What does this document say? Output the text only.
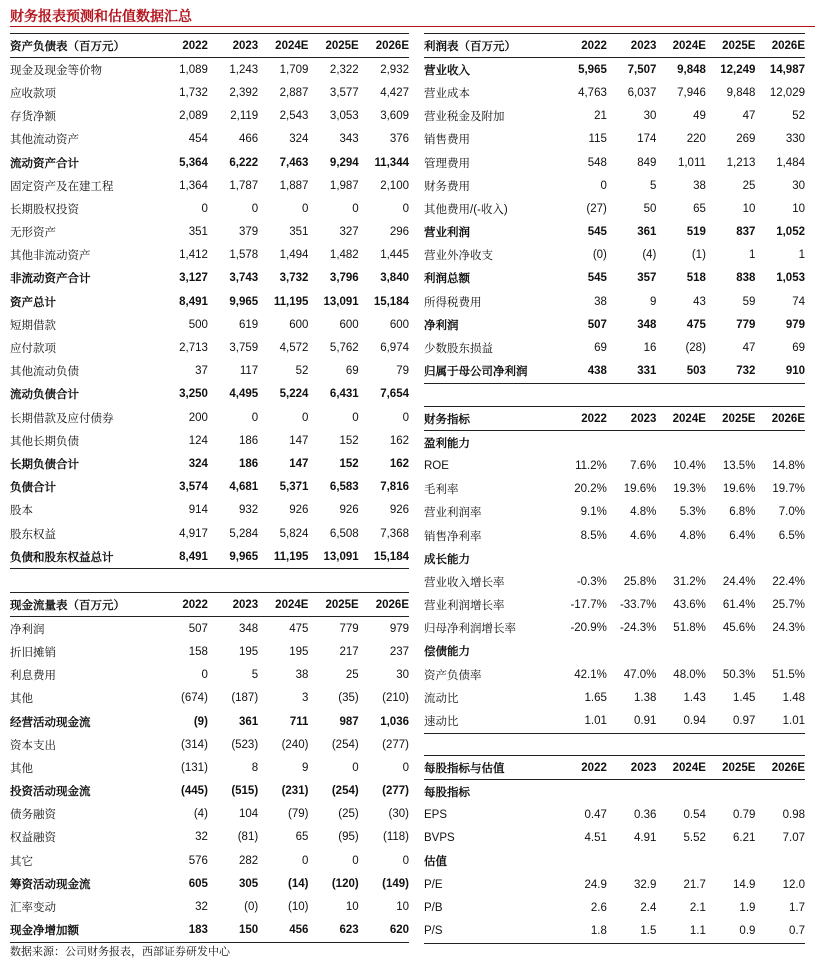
财务报表预测和估值数据汇总
资产负债表（百万元）	2022	2023	2024E	2025E	2026E
现金及现金等价物	1,089	1,243	1,709	2,322	2,932
应收款项	1,732	2,392	2,887	3,577	4,427
存货净额	2,089	2,119	2,543	3,053	3,609
其他流动资产	454	466	324	343	376
流动资产合计	5,364	6,222	7,463	9,294	11,344
固定资产及在建工程	1,364	1,787	1,887	1,987	2,100
长期股权投资	0	0	0	0	0
无形资产	351	379	351	327	296
其他非流动资产	1,412	1,578	1,494	1,482	1,445
非流动资产合计	3,127	3,743	3,732	3,796	3,840
资产总计	8,491	9,965	11,195	13,091	15,184
短期借款	500	619	600	600	600
应付款项	2,713	3,759	4,572	5,762	6,974
其他流动负债	37	117	52	69	79
流动负债合计	3,250	4,495	5,224	6,431	7,654
长期借款及应付债券	200	0	0	0	0
其他长期负债	124	186	147	152	162
长期负债合计	324	186	147	152	162
负债合计	3,574	4,681	5,371	6,583	7,816
股本	914	932	926	926	926
股东权益	4,917	5,284	5,824	6,508	7,368
负债和股东权益总计	8,491	9,965	11,195	13,091	15,184
现金流量表（百万元）	2022	2023	2024E	2025E	2026E
净利润	507	348	475	779	979
折旧摊销	158	195	195	217	237
利息费用	0	5	38	25	30
其他	(674)	(187)	3	(35)	(210)
经营活动现金流	(9)	361	711	987	1,036
资本支出	(314)	(523)	(240)	(254)	(277)
其他	(131)	8	9	0	0
投资活动现金流	(445)	(515)	(231)	(254)	(277)
债务融资	(4)	104	(79)	(25)	(30)
权益融资	32	(81)	65	(95)	(118)
其它	576	282	0	0	0
筹资活动现金流	605	305	(14)	(120)	(149)
汇率变动	32	(0)	(10)	10	10
现金净增加额	183	150	456	623	620
利润表（百万元）	2022	2023	2024E	2025E	2026E
营业收入	5,965	7,507	9,848	12,249	14,987
营业成本	4,763	6,037	7,946	9,848	12,029
营业税金及附加	21	30	49	47	52
销售费用	115	174	220	269	330
管理费用	548	849	1,011	1,213	1,484
财务费用	0	5	38	25	30
其他费用/(-收入)	(27)	50	65	10	10
营业利润	545	361	519	837	1,052
营业外净收支	(0)	(4)	(1)	1	1
利润总额	545	357	518	838	1,053
所得税费用	38	9	43	59	74
净利润	507	348	475	779	979
少数股东损益	69	16	(28)	47	69
归属于母公司净利润	438	331	503	732	910
财务指标	2022	2023	2024E	2025E	2026E
盈利能力					
ROE	11.2%	7.6%	10.4%	13.5%	14.8%
毛利率	20.2%	19.6%	19.3%	19.6%	19.7%
营业利润率	9.1%	4.8%	5.3%	6.8%	7.0%
销售净利率	8.5%	4.6%	4.8%	6.4%	6.5%
成长能力					
营业收入增长率	-0.3%	25.8%	31.2%	24.4%	22.4%
营业利润增长率	-17.7%	-33.7%	43.6%	61.4%	25.7%
归母净利润增长率	-20.9%	-24.3%	51.8%	45.6%	24.3%
偿债能力					
资产负债率	42.1%	47.0%	48.0%	50.3%	51.5%
流动比	1.65	1.38	1.43	1.45	1.48
速动比	1.01	0.91	0.94	0.97	1.01
每股指标与估值	2022	2023	2024E	2025E	2026E
每股指标					
EPS	0.47	0.36	0.54	0.79	0.98
BVPS	4.51	4.91	5.52	6.21	7.07
估值					
P/E	24.9	32.9	21.7	14.9	12.0
P/B	2.6	2.4	2.1	1.9	1.7
P/S	1.8	1.5	1.1	0.9	0.7
数据来源：公司财务报表，西部证券研发中心
